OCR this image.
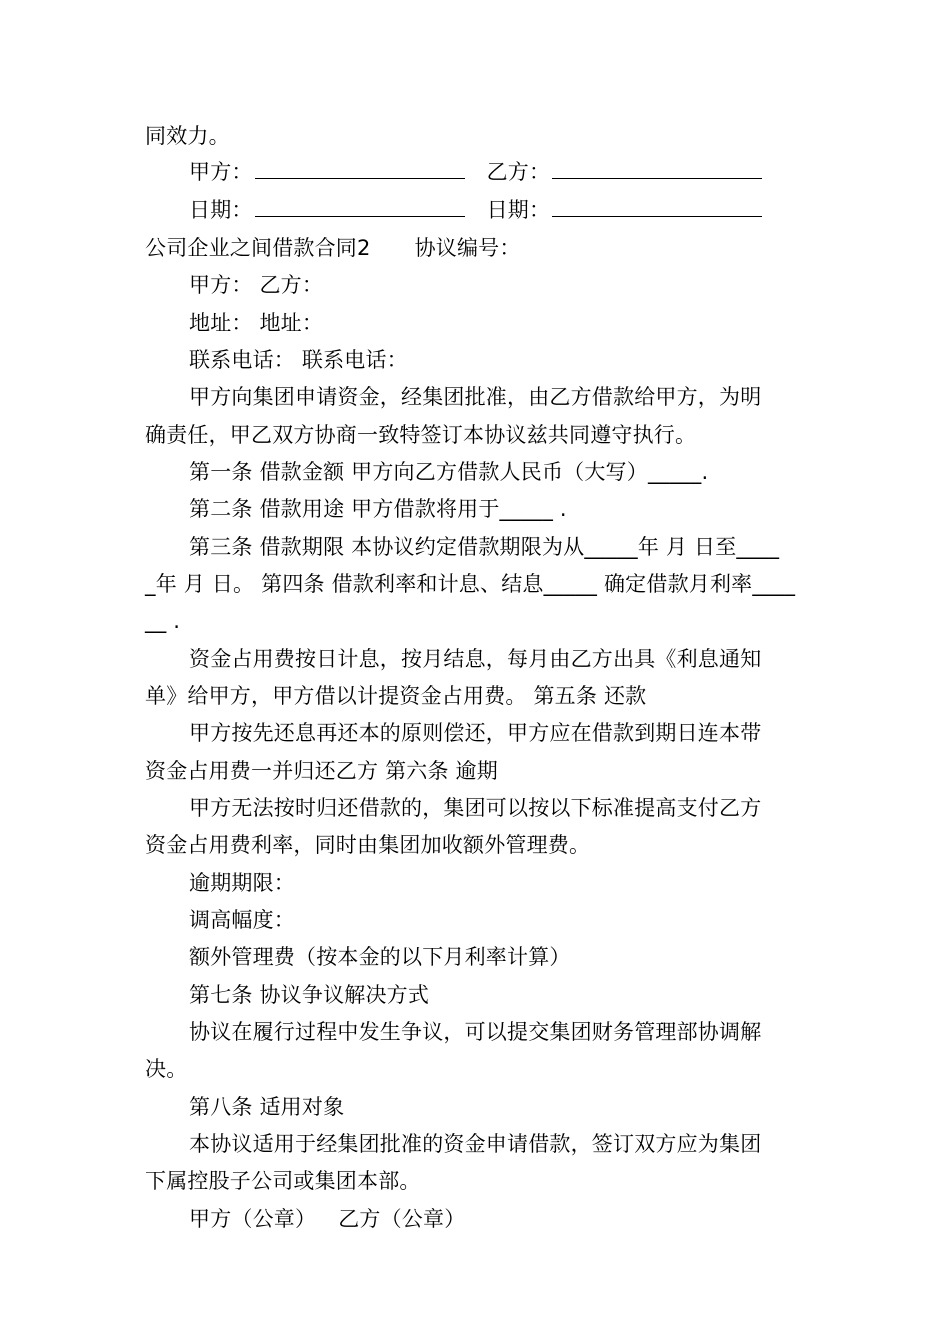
同效力。
甲方：	乙方：
日期：	日期：
公司企业之间借款合同2 协议编号：
甲方： 乙方：
地址： 地址：
联系电话： 联系电话：
甲方向集团申请资金，经集团批准，由乙方借款给甲方，为明
确责任，甲乙双方协商一致特签订本协议兹共同遵守执行。
第一条 借款金额 甲方向乙方借款人民币（大写）_____.
第二条 借款用途 甲方借款将用于_____ .
第三条 借款期限 本协议约定借款期限为从_____年 月 日至____
_年 月 日。 第四条 借款利率和计息、结息_____ 确定借款月利率____
__ .
资金占用费按日计息，按月结息，每月由乙方出具《利息通知
单》给甲方，甲方借以计提资金占用费。 第五条 还款
甲方按先还息再还本的原则偿还，甲方应在借款到期日连本带
资金占用费一并归还乙方 第六条 逾期
甲方无法按时归还借款的，集团可以按以下标准提高支付乙方
资金占用费利率，同时由集团加收额外管理费。
逾期期限：
调高幅度：
额外管理费（按本金的以下月利率计算）
第七条 协议争议解决方式
协议在履行过程中发生争议，可以提交集团财务管理部协调解
决。
第八条 适用对象
本协议适用于经集团批准的资金申请借款，签订双方应为集团
下属控股子公司或集团本部。
甲方（公章） 乙方（公章）
